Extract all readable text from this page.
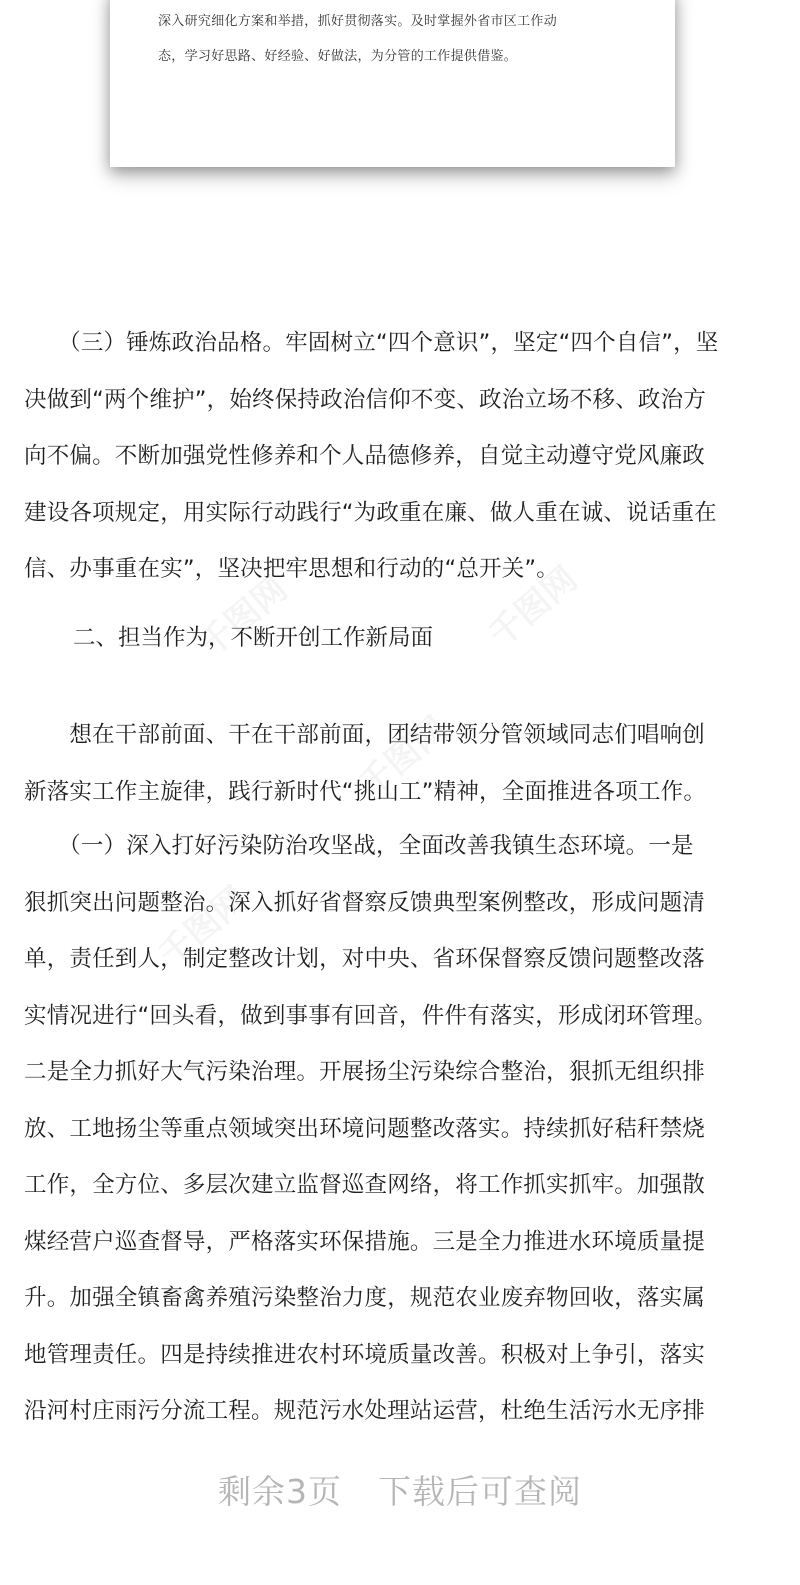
深入研究细化方案和举措，抓好贯彻落实。及时掌握外省市区工作动
态，学习好思路、好经验、好做法，为分管的工作提供借鉴。
千图网	千图网
千图网
千图网
　　（三）锤炼政治品格。牢固树立“四个意识”，坚定“四个自信”，坚
决做到“两个维护”，始终保持政治信仰不变、政治立场不移、政治方
向不偏。不断加强党性修养和个人品德修养，自觉主动遵守党风廉政
建设各项规定，用实际行动践行“为政重在廉、做人重在诚、说话重在
信、办事重在实”，坚决把牢思想和行动的“总开关”。
二、担当作为，不断开创工作新局面
　　想在干部前面、干在干部前面，团结带领分管领域同志们唱响创
新落实工作主旋律，践行新时代“挑山工”精神，全面推进各项工作。
　　（一）深入打好污染防治攻坚战，全面改善我镇生态环境。一是
狠抓突出问题整治。深入抓好省督察反馈典型案例整改，形成问题清
单，责任到人，制定整改计划，对中央、省环保督察反馈问题整改落
实情况进行“回头看，做到事事有回音，件件有落实，形成闭环管理。
二是全力抓好大气污染治理。开展扬尘污染综合整治，狠抓无组织排
放、工地扬尘等重点领域突出环境问题整改落实。持续抓好秸秆禁烧
工作，全方位、多层次建立监督巡查网络，将工作抓实抓牢。加强散
煤经营户巡查督导，严格落实环保措施。三是全力推进水环境质量提
升。加强全镇畜禽养殖污染整治力度，规范农业废弃物回收，落实属
地管理责任。四是持续推进农村环境质量改善。积极对上争引，落实
沿河村庄雨污分流工程。规范污水处理站运营，杜绝生活污水无序排
剩余3页 下载后可查阅
